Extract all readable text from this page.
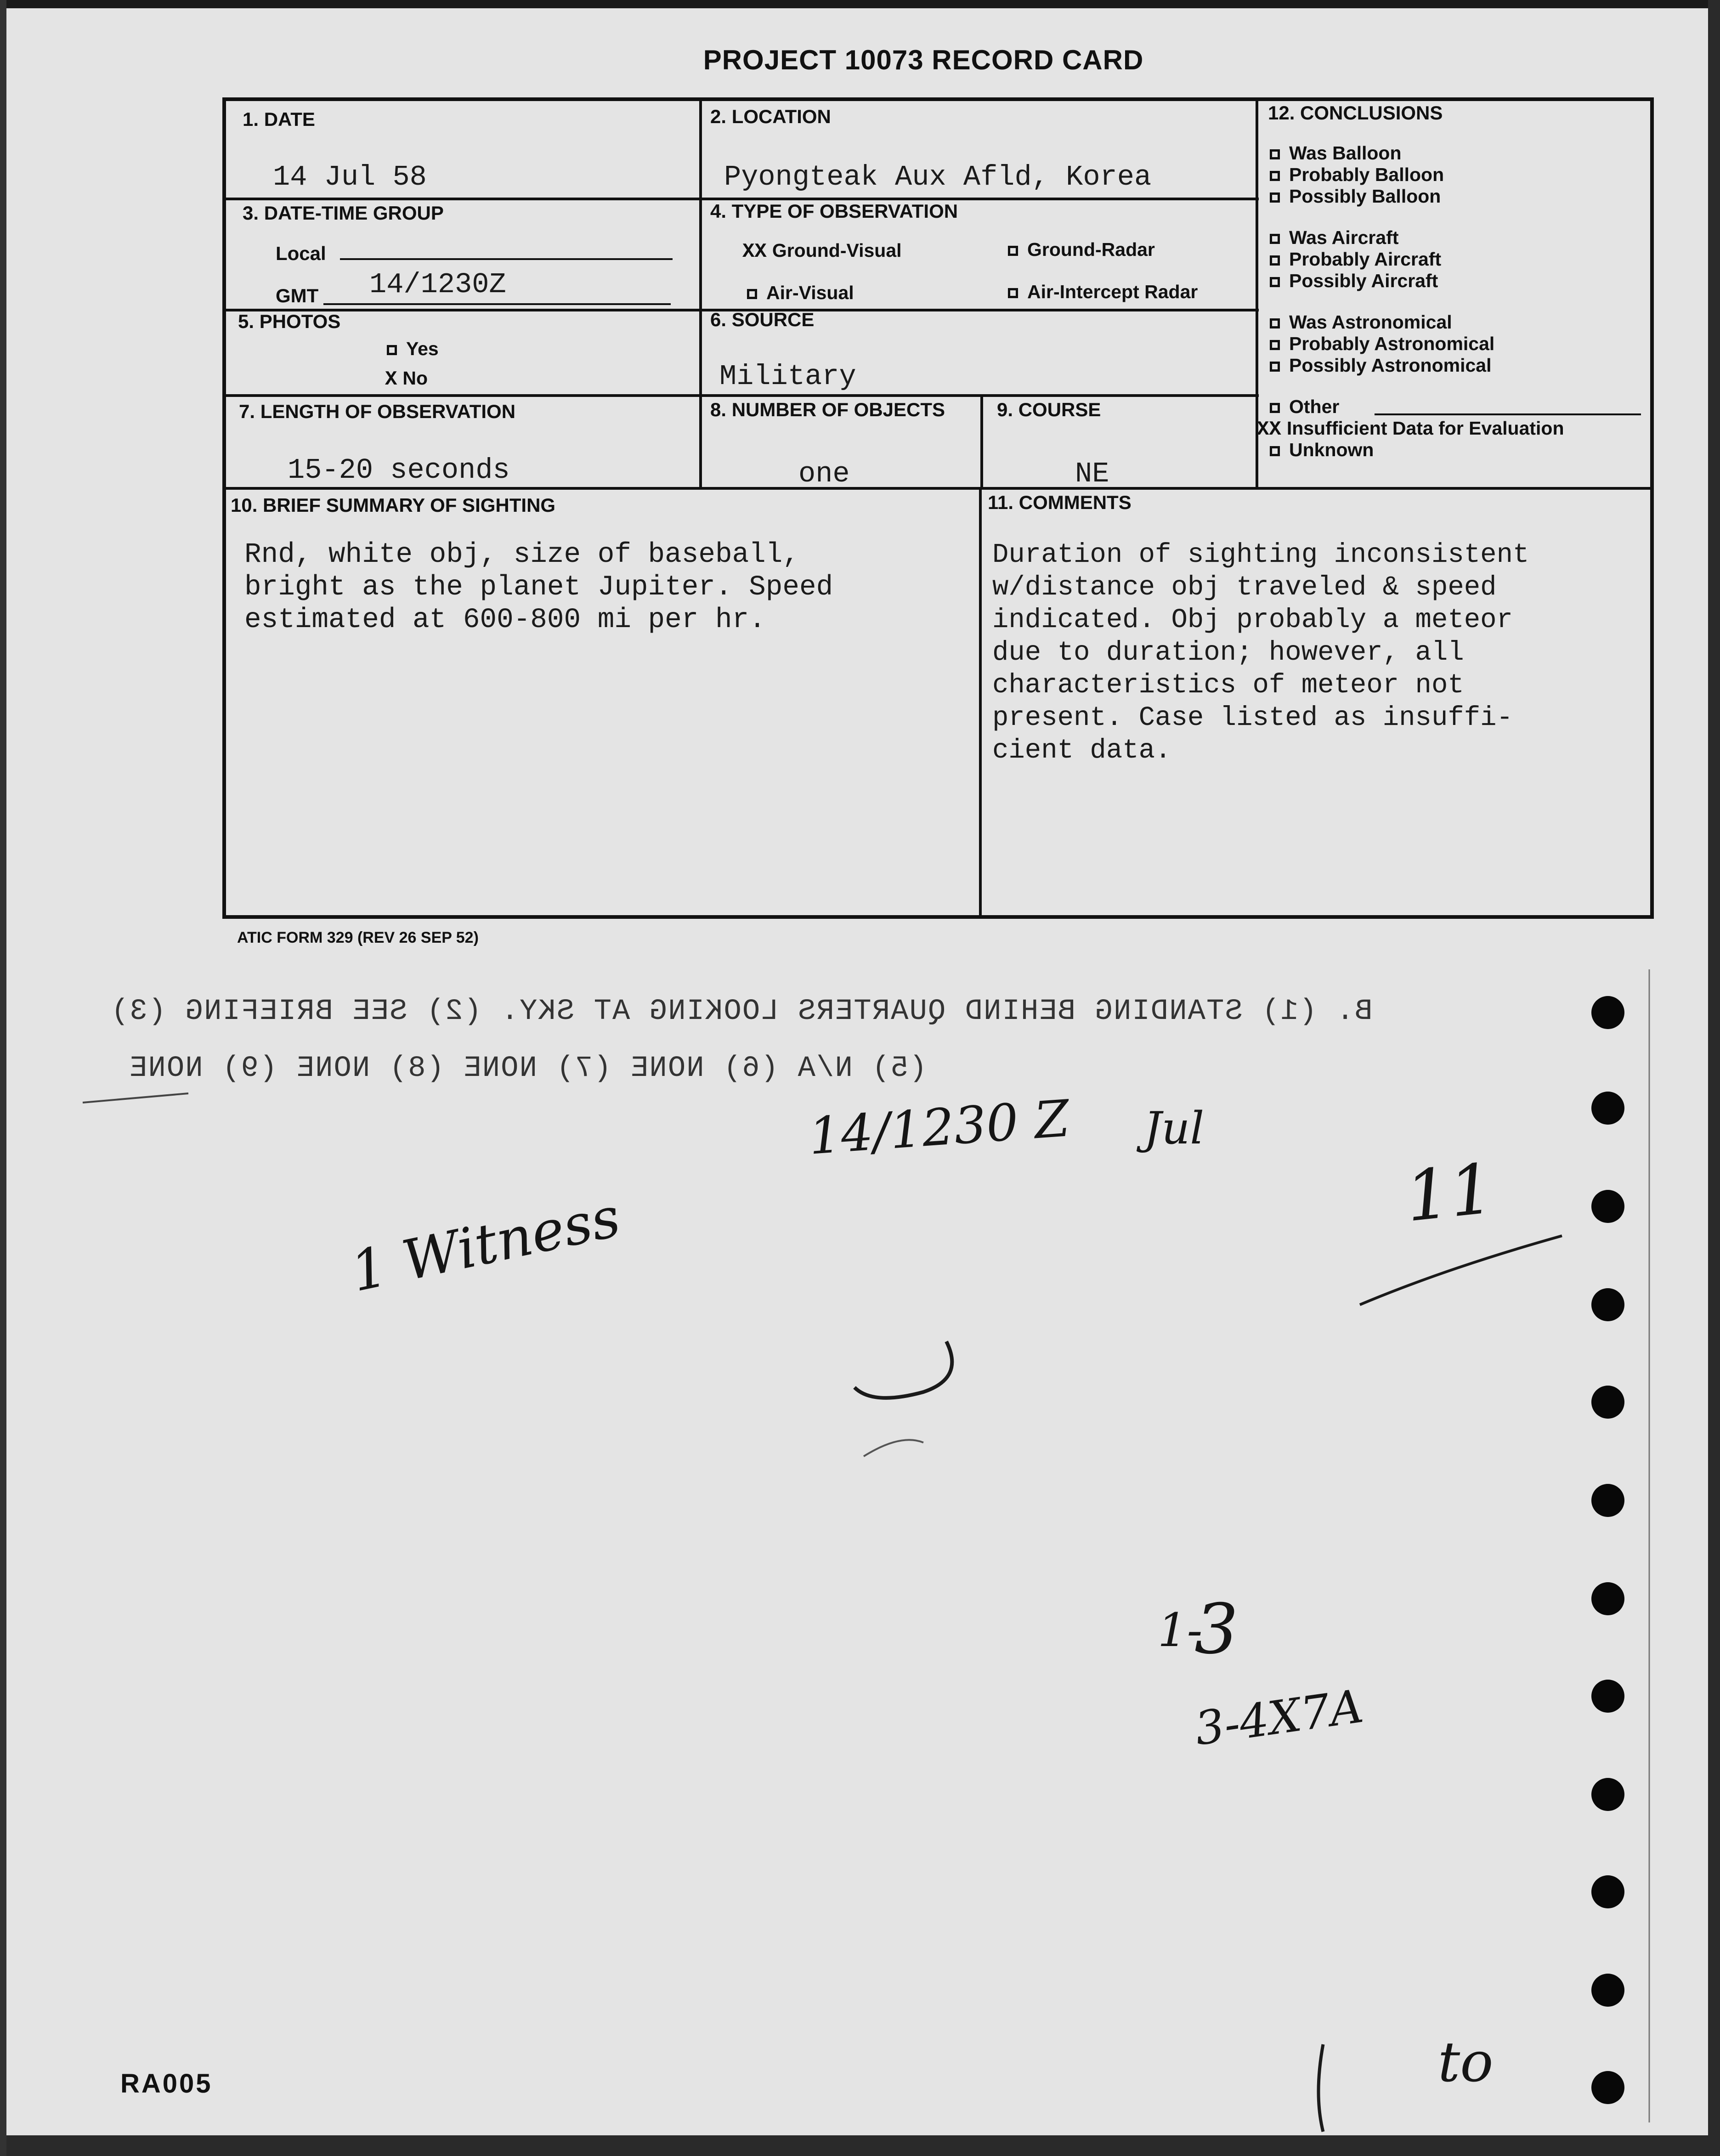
PROJECT 10073 RECORD CARD
1. DATE
14 Jul 58
2. LOCATION
Pyongteak Aux Afld, Korea
3. DATE-TIME GROUP
Local
GMT 14/1230Z
4. TYPE OF OBSERVATION
XX Ground-Visual	Ground-Radar
Air-Visual	Air-Intercept Radar
5. PHOTOS
Yes
X No
6. SOURCE
Military
7. LENGTH OF OBSERVATION
15-20 seconds
8. NUMBER OF OBJECTS
one
9. COURSE
NE
10. BRIEF SUMMARY OF SIGHTING
Rnd, white obj, size of baseball,
bright as the planet Jupiter. Speed
estimated at 600-800 mi per hr.
11. COMMENTS
Duration of sighting inconsistent
w/distance obj traveled & speed
indicated. Obj probably a meteor
due to duration; however, all
characteristics of meteor not
present. Case listed as insuffi-
cient data.
12. CONCLUSIONS
Was Balloon
Probably Balloon
Possibly Balloon
Was Aircraft
Probably Aircraft
Possibly Aircraft
Was Astronomical
Probably Astronomical
Possibly Astronomical
Other
XX Insufficient Data for Evaluation
Unknown
ATIC FORM 329 (REV 26 SEP 52)
B. (1) STANDING BEHIND QUARTERS LOOKING AT SKY. (2) SEE BRIEFING (3)
(5) N/A (6) NONE (7) NONE (8) NONE (9) NONE
14/1230 Z Jul
1 Witness	11
1-
3
3-4X7A
to
RA005
